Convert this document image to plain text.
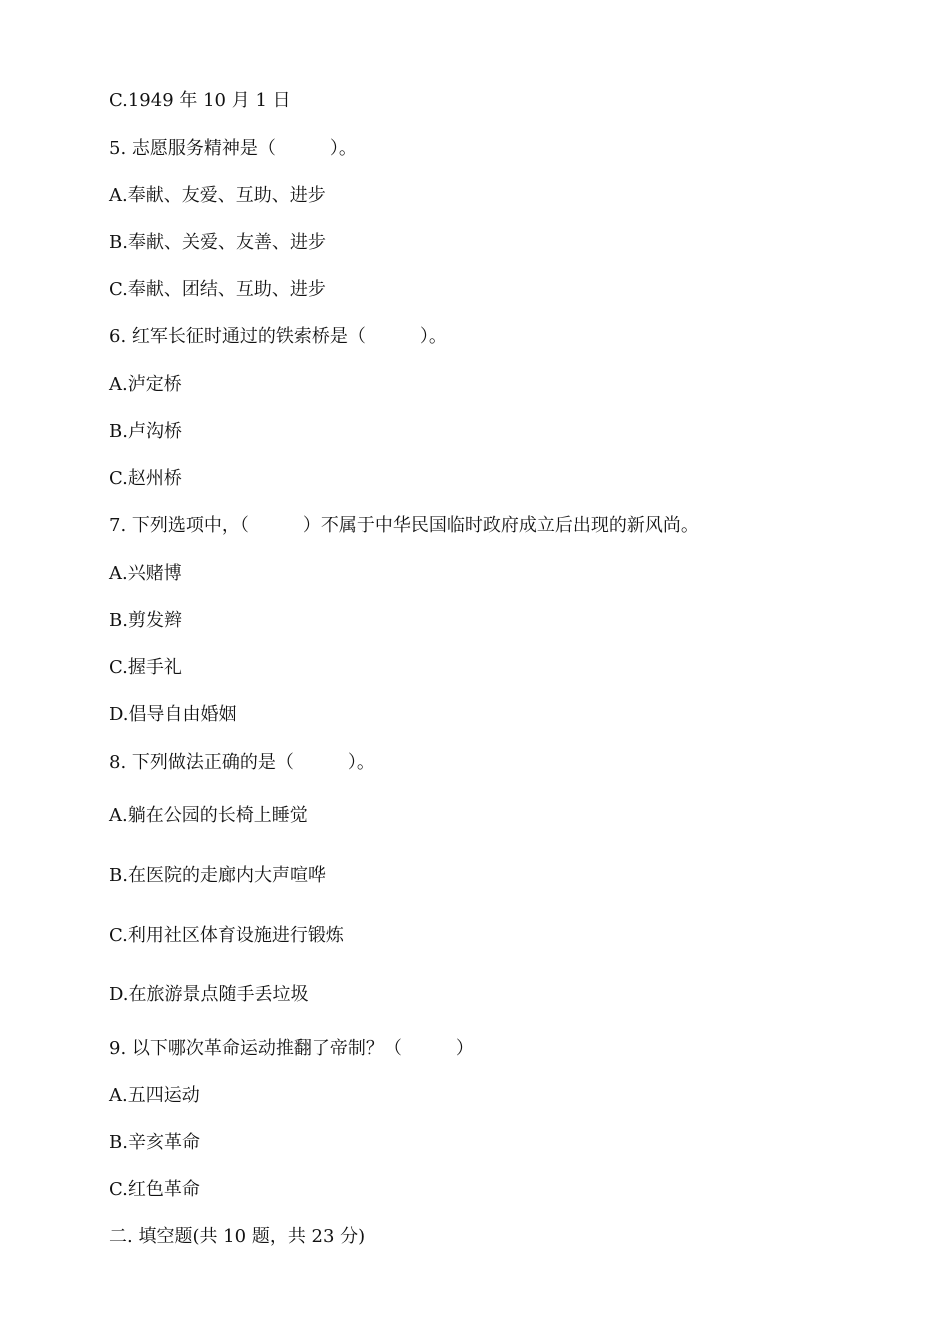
C.1949 年 10 月 1 日
5. 志愿服务精神是（　　　）。
A.奉献、友爱、互助、进步
B.奉献、关爱、友善、进步
C.奉献、团结、互助、进步
6. 红军长征时通过的铁索桥是（　　　）。
A.泸定桥
B.卢沟桥
C.赵州桥
7. 下列选项中，（　　　）不属于中华民国临时政府成立后出现的新风尚。
A.兴赌博
B.剪发辫
C.握手礼
D.倡导自由婚姻
8. 下列做法正确的是（　　　）。
A.躺在公园的长椅上睡觉
B.在医院的走廊内大声喧哗
C.利用社区体育设施进行锻炼
D.在旅游景点随手丢垃圾
9. 以下哪次革命运动推翻了帝制？（　　　）
A.五四运动
B.辛亥革命
C.红色革命
二. 填空题(共 10 题，共 23 分)
